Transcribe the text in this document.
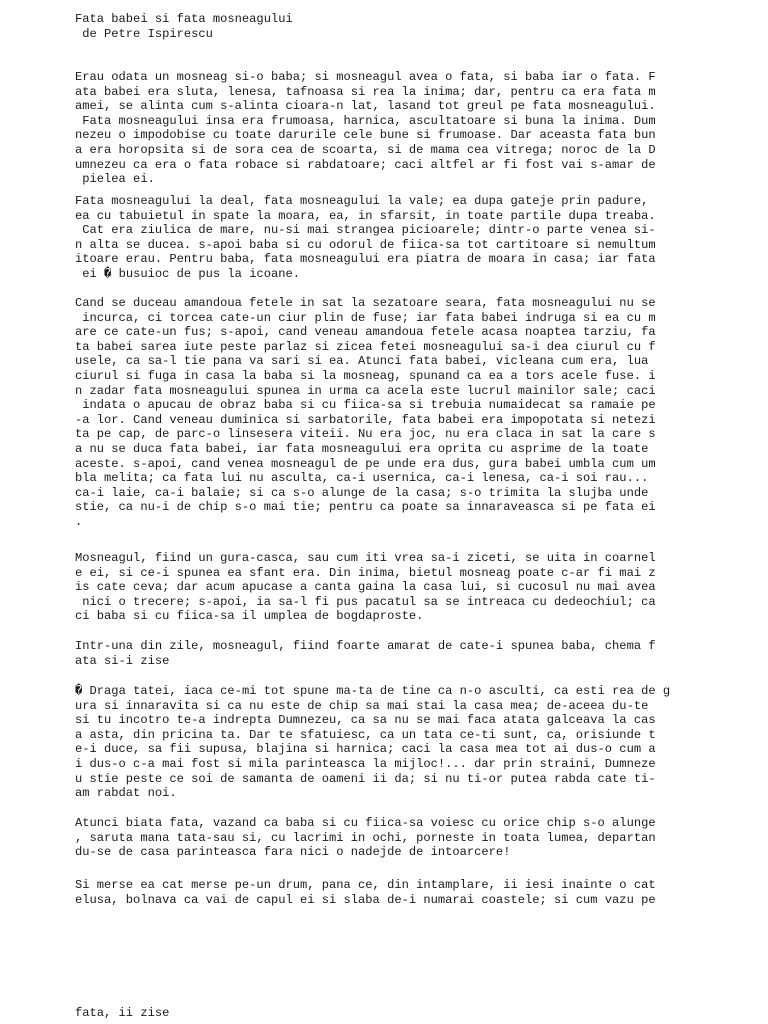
Fata babei si fata mosneagului
de Petre Ispirescu
Erau odata un mosneag si-o baba; si mosneagul avea o fata, si baba iar o fata. F
ata babei era sluta, lenesa, tafnoasa si rea la inima; dar, pentru ca era fata m
amei, se alinta cum s-alinta cioara-n lat, lasand tot greul pe fata mosneagului.
Fata mosneagului insa era frumoasa, harnica, ascultatoare si buna la inima. Dum
nezeu o impodobise cu toate darurile cele bune si frumoase. Dar aceasta fata bun
a era horopsita si de sora cea de scoarta, si de mama cea vitrega; noroc de la D
umnezeu ca era o fata robace si rabdatoare; caci altfel ar fi fost vai s-amar de
pielea ei.
Fata mosneagului la deal, fata mosneagului la vale; ea dupa gateje prin padure,
ea cu tabuietul in spate la moara, ea, in sfarsit, in toate partile dupa treaba.
Cat era ziulica de mare, nu-si mai strangea picioarele; dintr-o parte venea si-
n alta se ducea. s-apoi baba si cu odorul de fiica-sa tot cartitoare si nemultum
itoare erau. Pentru baba, fata mosneagului era piatra de moara in casa; iar fata
ei � busuioc de pus la icoane.
Cand se duceau amandoua fetele in sat la sezatoare seara, fata mosneagului nu se
incurca, ci torcea cate-un ciur plin de fuse; iar fata babei indruga si ea cu m
are ce cate-un fus; s-apoi, cand veneau amandoua fetele acasa noaptea tarziu, fa
ta babei sarea iute peste parlaz si zicea fetei mosneagului sa-i dea ciurul cu f
usele, ca sa-l tie pana va sari si ea. Atunci fata babei, vicleana cum era, lua
ciurul si fuga in casa la baba si la mosneag, spunand ca ea a tors acele fuse. i
n zadar fata mosneagului spunea in urma ca acela este lucrul mainilor sale; caci
indata o apucau de obraz baba si cu fiica-sa si trebuia numaidecat sa ramaie pe
-a lor. Cand veneau duminica si sarbatorile, fata babei era impopotata si netezi
ta pe cap, de parc-o linsesera viteii. Nu era joc, nu era claca in sat la care s
a nu se duca fata babei, iar fata mosneagului era oprita cu asprime de la toate
aceste. s-apoi, cand venea mosneagul de pe unde era dus, gura babei umbla cum um
bla melita; ca fata lui nu asculta, ca-i usernica, ca-i lenesa, ca-i soi rau...
ca-i laie, ca-i balaie; si ca s-o alunge de la casa; s-o trimita la slujba unde
stie, ca nu-i de chip s-o mai tie; pentru ca poate sa innaraveasca si pe fata ei
.
Mosneagul, fiind un gura-casca, sau cum iti vrea sa-i ziceti, se uita in coarnel
e ei, si ce-i spunea ea sfant era. Din inima, bietul mosneag poate c-ar fi mai z
is cate ceva; dar acum apucase a canta gaina la casa lui, si cucosul nu mai avea
nici o trecere; s-apoi, ia sa-l fi pus pacatul sa se intreaca cu dedeochiul; ca
ci baba si cu fiica-sa il umplea de bogdaproste.
Intr-una din zile, mosneagul, fiind foarte amarat de cate-i spunea baba, chema f
ata si-i zise
� Draga tatei, iaca ce-mi tot spune ma-ta de tine ca n-o asculti, ca esti rea de g
ura si innaravita si ca nu este de chip sa mai stai la casa mea; de-aceea du-te
si tu incotro te-a indrepta Dumnezeu, ca sa nu se mai faca atata galceava la cas
a asta, din pricina ta. Dar te sfatuiesc, ca un tata ce-ti sunt, ca, orisiunde t
e-i duce, sa fii supusa, blajina si harnica; caci la casa mea tot ai dus-o cum a
i dus-o c-a mai fost si mila parinteasca la mijloc!... dar prin straini, Dumneze
u stie peste ce soi de samanta de oameni ii da; si nu ti-or putea rabda cate ti-
am rabdat noi.
Atunci biata fata, vazand ca baba si cu fiica-sa voiesc cu orice chip s-o alunge
, saruta mana tata-sau si, cu lacrimi in ochi, porneste in toata lumea, departan
du-se de casa parinteasca fara nici o nadejde de intoarcere!
Si merse ea cat merse pe-un drum, pana ce, din intamplare, ii iesi inainte o cat
elusa, bolnava ca vai de capul ei si slaba de-i numarai coastele; si cum vazu pe
fata, ii zise
